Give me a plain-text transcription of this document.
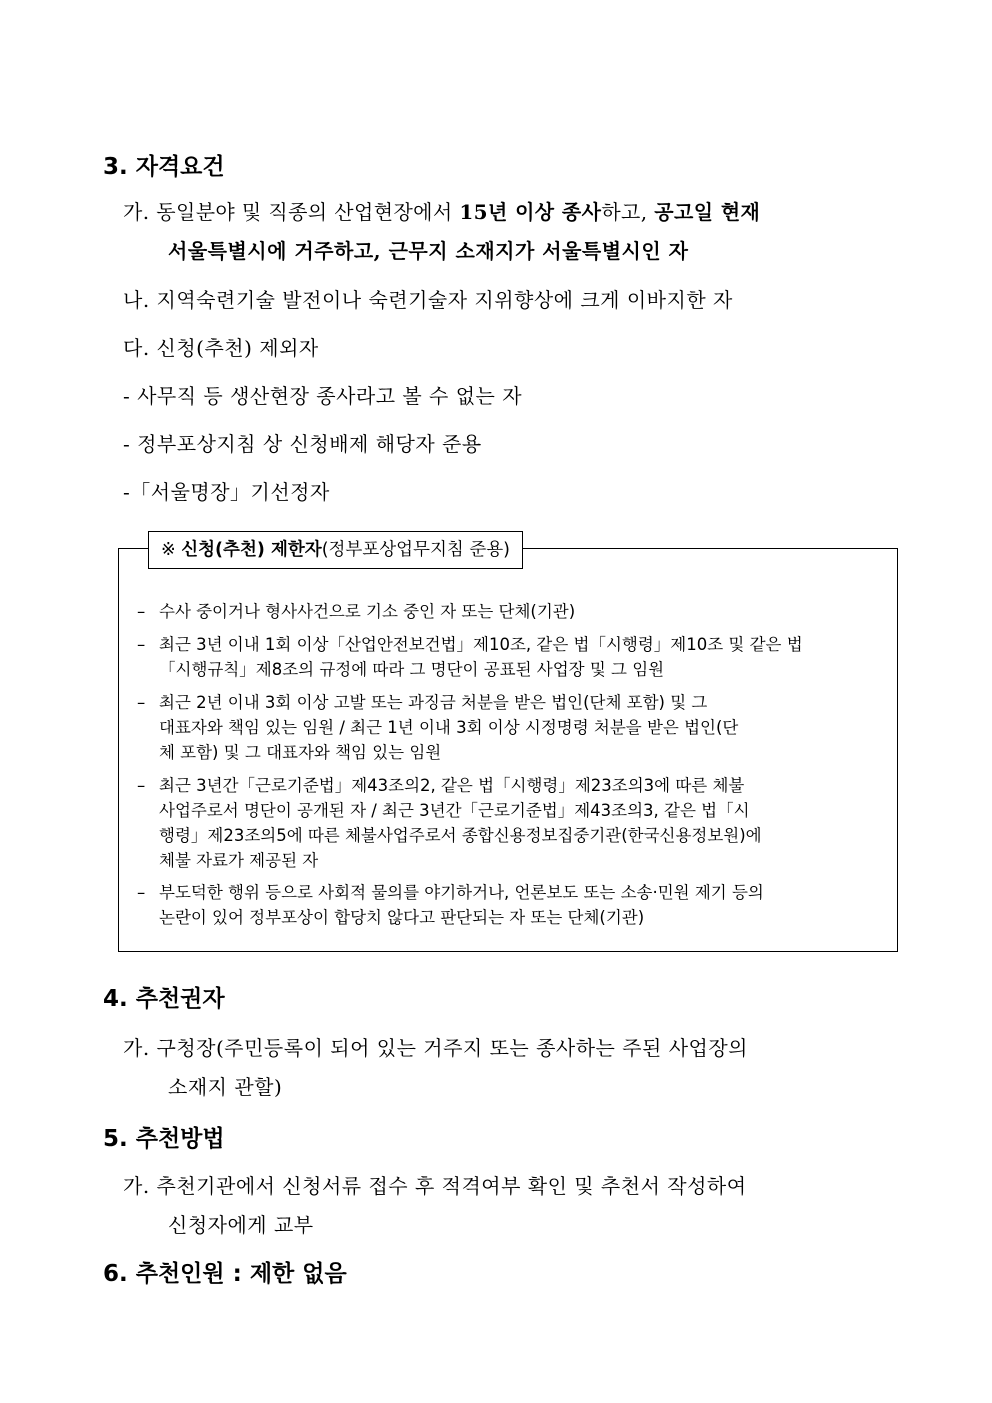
3. 자격요건
가. 동일분야 및 직종의 산업현장에서 15년 이상 종사하고, 공고일 현재
서울특별시에 거주하고, 근무지 소재지가 서울특별시인 자
나. 지역숙련기술 발전이나 숙련기술자 지위향상에 크게 이바지한 자
다. 신청(추천) 제외자
- 사무직 등 생산현장 종사라고 볼 수 없는 자
- 정부포상지침 상 신청배제 해당자 준용
-「서울명장」기선정자
※ 신청(추천) 제한자(정부포상업무지침 준용)
– 수사 중이거나 형사사건으로 기소 중인 자 또는 단체(기관)
– 최근 3년 이내 1회 이상「산업안전보건법」제10조, 같은 법「시행령」제10조 및 같은 법
「시행규칙」제8조의 규정에 따라 그 명단이 공표된 사업장 및 그 임원
– 최근 2년 이내 3회 이상 고발 또는 과징금 처분을 받은 법인(단체 포함) 및 그
대표자와 책임 있는 임원 / 최근 1년 이내 3회 이상 시정명령 처분을 받은 법인(단
체 포함) 및 그 대표자와 책임 있는 임원
– 최근 3년간「근로기준법」제43조의2, 같은 법「시행령」제23조의3에 따른 체불
사업주로서 명단이 공개된 자 / 최근 3년간「근로기준법」제43조의3, 같은 법「시
행령」제23조의5에 따른 체불사업주로서 종합신용정보집중기관(한국신용정보원)에
체불 자료가 제공된 자
– 부도덕한 행위 등으로 사회적 물의를 야기하거나, 언론보도 또는 소송·민원 제기 등의
논란이 있어 정부포상이 합당치 않다고 판단되는 자 또는 단체(기관)
4. 추천권자
가. 구청장(주민등록이 되어 있는 거주지 또는 종사하는 주된 사업장의
소재지 관할)
5. 추천방법
가. 추천기관에서 신청서류 접수 후 적격여부 확인 및 추천서 작성하여
신청자에게 교부
6. 추천인원 : 제한 없음
